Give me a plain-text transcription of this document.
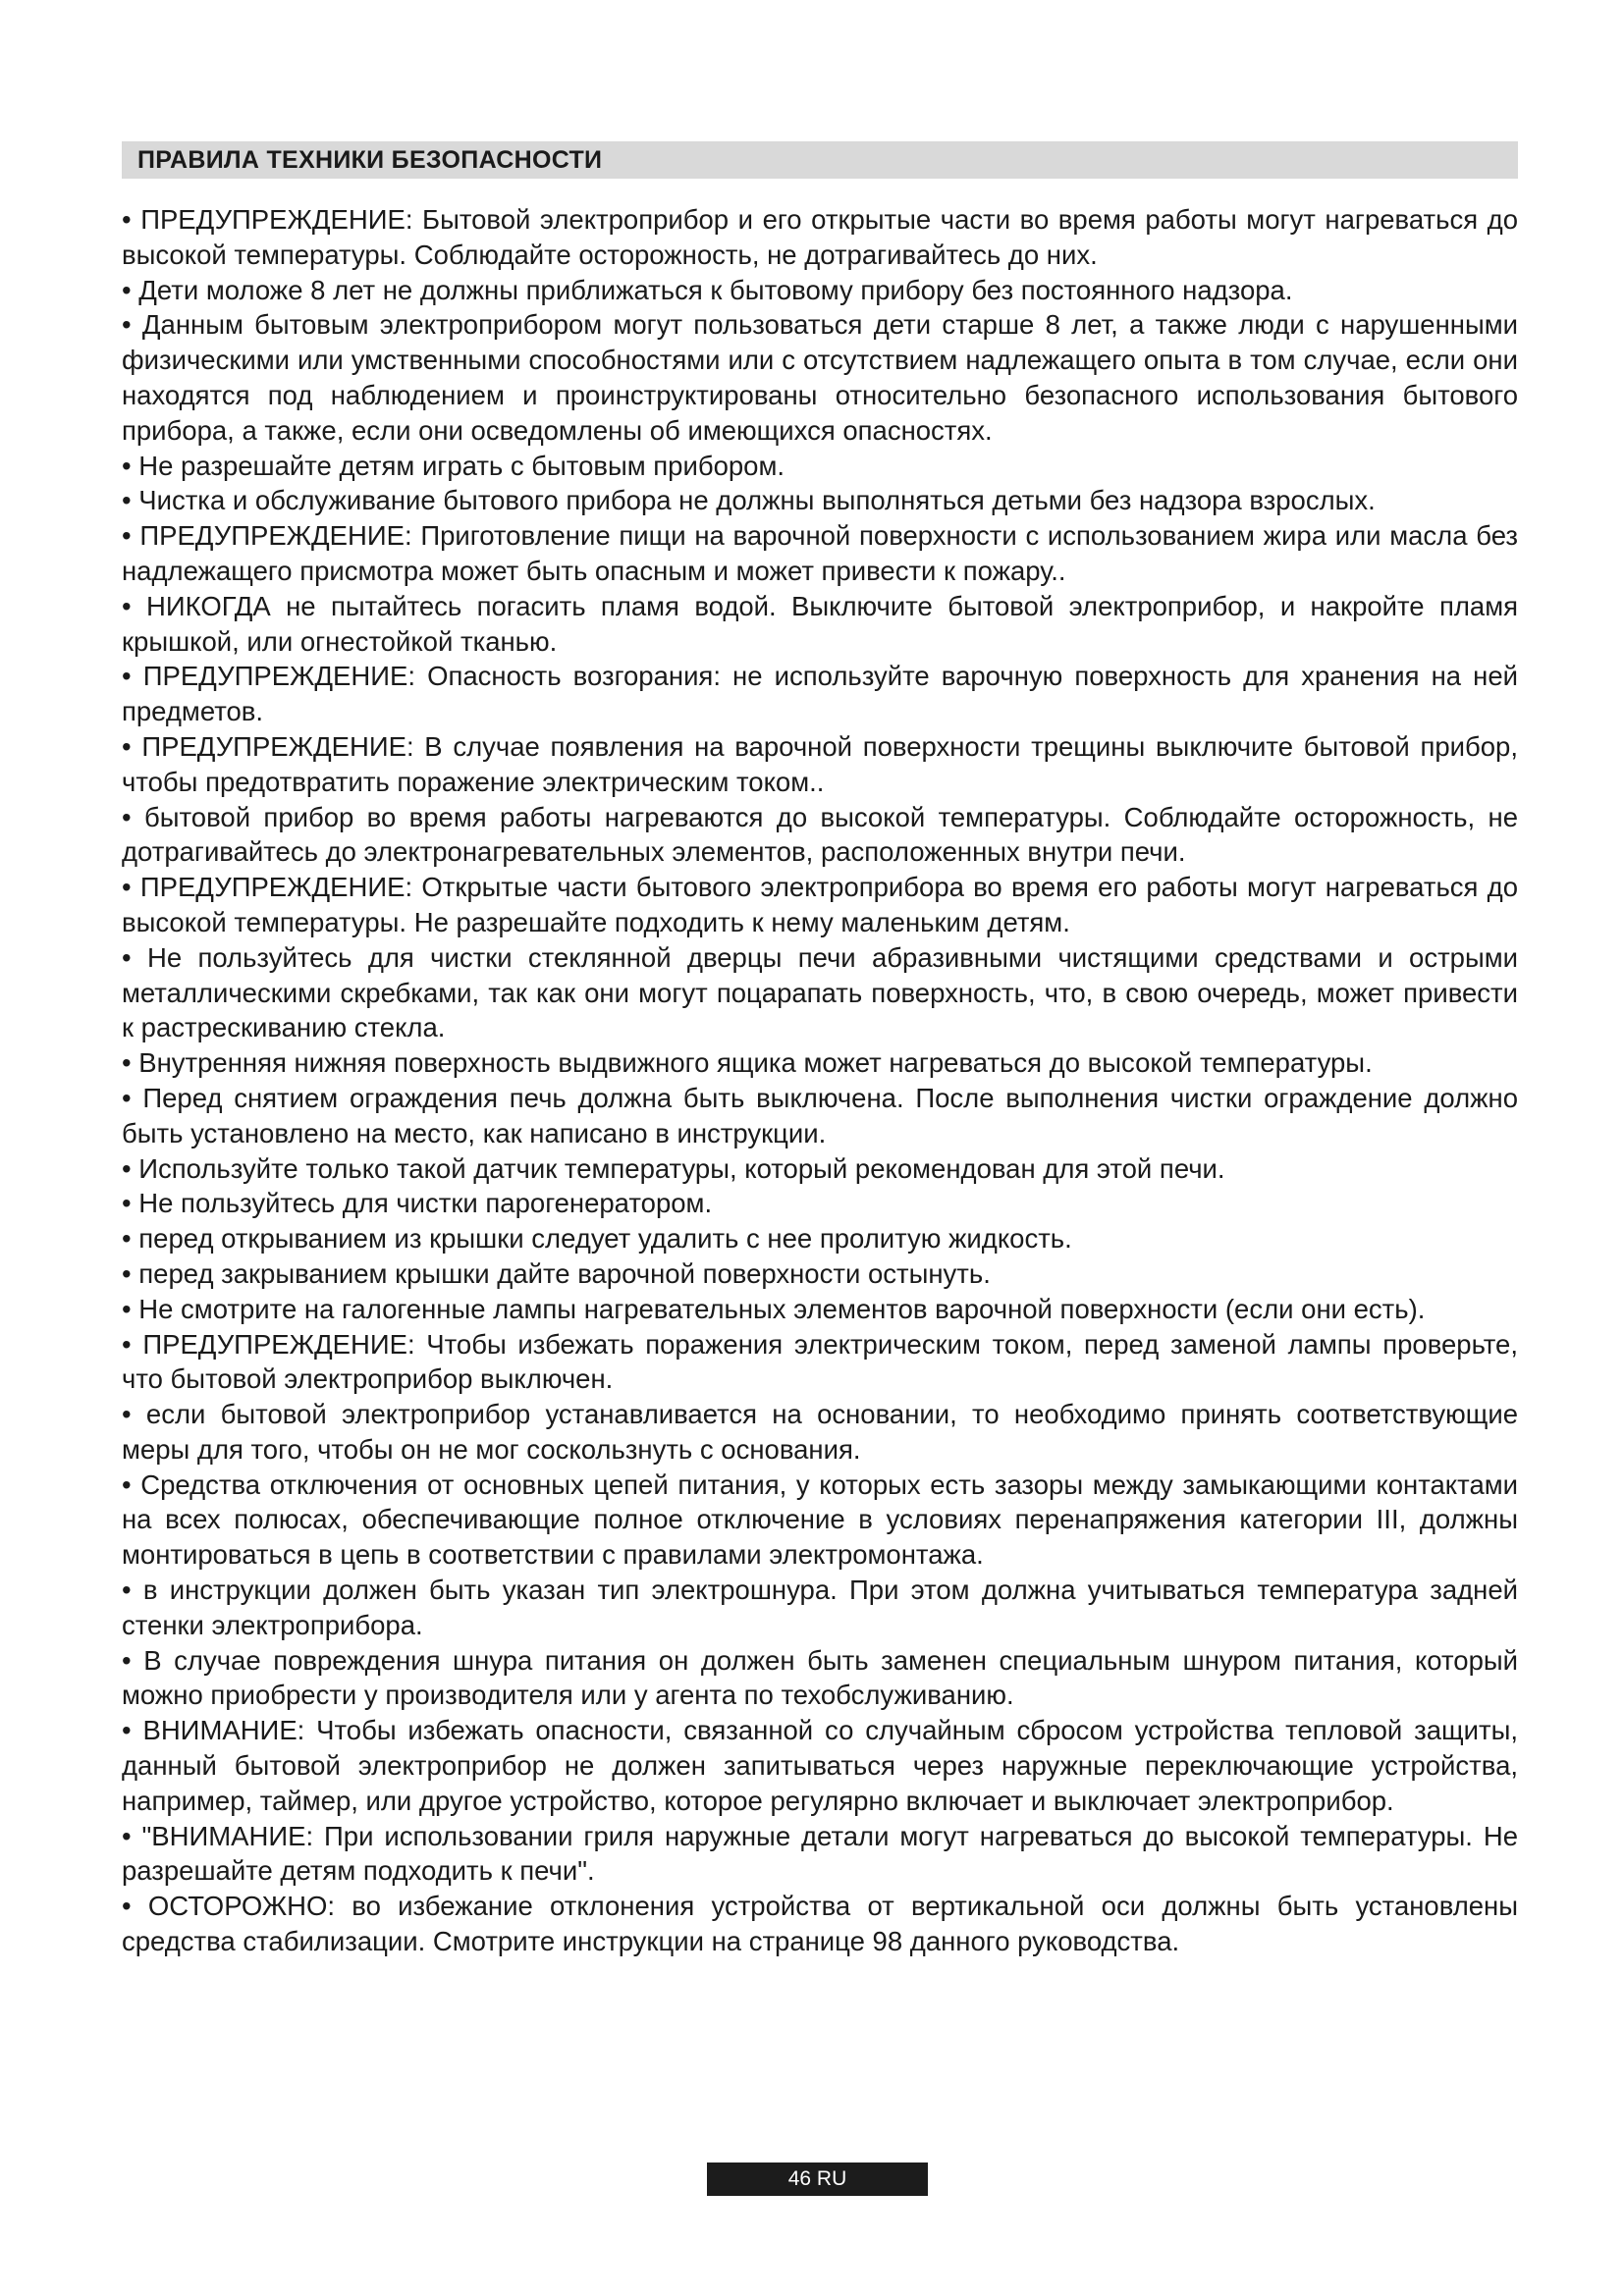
ПРАВИЛА ТЕХНИКИ БЕЗОПАСНОСТИ

• ПРЕДУПРЕЖДЕНИЕ: Бытовой электроприбор и его открытые части во время работы могут нагреваться до высокой температуры. Соблюдайте осторожность, не дотрагивайтесь до них.

• Дети моложе 8 лет не должны приближаться к бытовому прибору без постоянного надзора.

• Данным бытовым электроприбором могут пользоваться дети старше 8 лет, а также люди с нарушенными физическими или умственными способностями или с отсутствием надлежащего опыта в том случае, если они находятся под наблюдением и проинструктированы относительно безопасного использования бытового прибора, а также, если они осведомлены об имеющихся опасностях.

• Не разрешайте детям играть с бытовым прибором.

• Чистка и обслуживание бытового прибора не должны выполняться детьми без надзора взрослых.

• ПРЕДУПРЕЖДЕНИЕ: Приготовление пищи на варочной поверхности с использованием жира или масла без надлежащего присмотра может быть опасным и может привести к пожару..

• НИКОГДА не пытайтесь погасить пламя водой. Выключите бытовой электроприбор, и накройте пламя крышкой, или огнестойкой тканью.

• ПРЕДУПРЕЖДЕНИЕ: Опасность возгорания: не используйте варочную поверхность для хранения на ней предметов.

• ПРЕДУПРЕЖДЕНИЕ: В случае появления на варочной поверхности трещины выключите бытовой прибор, чтобы предотвратить поражение электрическим током..

• бытовой прибор во время работы нагреваются до высокой температуры. Соблюдайте осторожность, не дотрагивайтесь до электронагревательных элементов, расположенных внутри печи.

• ПРЕДУПРЕЖДЕНИЕ: Открытые части бытового электроприбора во время его работы могут нагреваться до высокой температуры. Не разрешайте подходить к нему маленьким детям.

• Не пользуйтесь для чистки стеклянной дверцы печи абразивными чистящими средствами и острыми металлическими скребками, так как они могут поцарапать поверхность, что, в свою очередь, может привести к растрескиванию стекла.

• Внутренняя нижняя поверхность выдвижного ящика может нагреваться до высокой температуры.

• Перед снятием ограждения печь должна быть выключена. После выполнения чистки ограждение должно быть установлено на место, как написано в инструкции.

• Используйте только такой датчик температуры, который рекомендован для этой печи.

• Не пользуйтесь для чистки парогенератором.

• перед открыванием из крышки следует удалить с нее пролитую жидкость.

• перед закрыванием крышки дайте варочной поверхности остынуть.

• Не смотрите на галогенные лампы нагревательных элементов варочной поверхности (если они есть).

• ПРЕДУПРЕЖДЕНИЕ: Чтобы избежать поражения электрическим током, перед заменой лампы проверьте, что бытовой электроприбор выключен.

• если бытовой электроприбор устанавливается на основании, то необходимо принять соответствующие меры для того, чтобы он не мог соскользнуть с основания.

• Средства отключения от основных цепей питания, у которых есть зазоры между замыкающими контактами на всех полюсах, обеспечивающие полное отключение в условиях перенапряжения категории III, должны монтироваться в цепь в соответствии с правилами электромонтажа.

• в инструкции должен быть указан тип электрошнура. При этом должна учитываться температура задней стенки электроприбора.

• В случае повреждения шнура питания он должен быть заменен специальным шнуром питания, который можно приобрести у производителя или у агента по техобслуживанию.

• ВНИМАНИЕ: Чтобы избежать опасности, связанной со случайным сбросом устройства тепловой защиты, данный бытовой электроприбор не должен запитываться через наружные переключающие устройства, например, таймер, или другое устройство, которое регулярно включает и выключает электроприбор.

• "ВНИМАНИЕ: При использовании гриля наружные детали могут нагреваться до высокой температуры. Не разрешайте детям подходить к печи".

• ОСТОРОЖНО: во избежание отклонения устройства от вертикальной оси должны быть установлены средства стабилизации. Смотрите инструкции на странице 98 данного руководства.

46 RU
